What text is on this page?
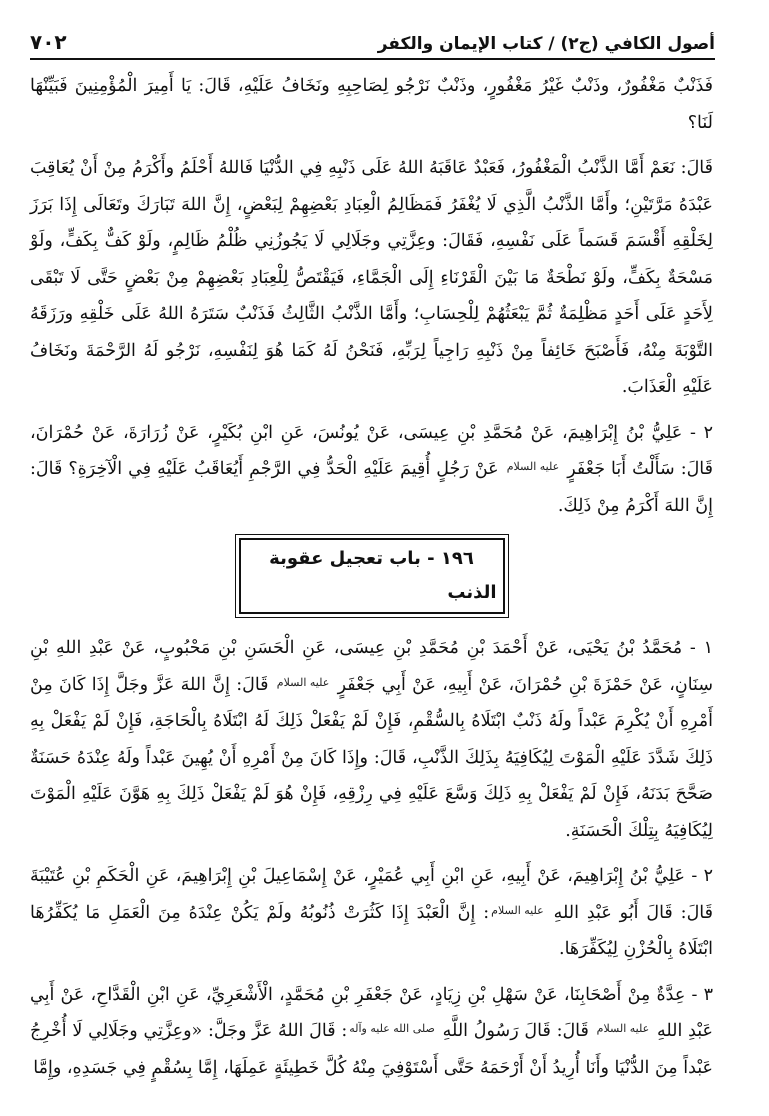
أصول الكافي (ج٢) / كتاب الإيمان والكفر
٧٠٢

فَذَنْبٌ مَغْفُورٌ، وذَنْبٌ غَيْرُ مَغْفُورٍ، وذَنْبٌ نَرْجُو لِصَاحِبِهِ ونَخَافُ عَلَيْهِ، قَالَ: يَا أَمِيرَ الْمُؤْمِنِينَ فَبَيِّنْهَا لَنَا؟

قَالَ: نَعَمْ أَمَّا الذَّنْبُ الْمَغْفُورُ، فَعَبْدٌ عَاقَبَهُ اللهُ عَلَى ذَنْبِهِ فِي الدُّنْيَا فَاللهُ أَحْلَمُ وأَكْرَمُ مِنْ أَنْ يُعَاقِبَ عَبْدَهُ مَرَّتَيْنِ؛ وأَمَّا الذَّنْبُ الَّذِي لَا يُغْفَرُ فَمَظَالِمُ الْعِبَادِ بَعْضِهِمْ لِبَعْضٍ، إِنَّ اللهَ تَبَارَكَ وتَعَالَى إِذَا بَرَزَ لِخَلْقِهِ أَقْسَمَ قَسَماً عَلَى نَفْسِهِ، فَقَالَ: وعِزَّتِي وجَلَالِي لَا يَجُوزُنِي ظُلْمُ ظَالِمٍ، ولَوْ كَفٌّ بِكَفٍّ، ولَوْ مَسْحَةٌ بِكَفٍّ، ولَوْ نَطْحَةٌ مَا بَيْنَ الْقَرْنَاءِ إِلَى الْجَمَّاءِ، فَيَقْتَصُّ لِلْعِبَادِ بَعْضِهِمْ مِنْ بَعْضٍ حَتَّى لَا تَبْقَى لِأَحَدٍ عَلَى أَحَدٍ مَظْلِمَةٌ ثُمَّ يَبْعَثُهُمْ لِلْحِسَابِ؛ وأَمَّا الذَّنْبُ الثَّالِثُ فَذَنْبٌ سَتَرَهُ اللهُ عَلَى خَلْقِهِ ورَزَقَهُ التَّوْبَةَ مِنْهُ، فَأَصْبَحَ خَائِفاً مِنْ ذَنْبِهِ رَاجِياً لِرَبِّهِ، فَنَحْنُ لَهُ كَمَا هُوَ لِنَفْسِهِ، نَرْجُو لَهُ الرَّحْمَةَ ونَخَافُ عَلَيْهِ الْعَذَابَ.

٢ - عَلِيُّ بْنُ إِبْرَاهِيمَ، عَنْ مُحَمَّدِ بْنِ عِيسَى، عَنْ يُونُسَ، عَنِ ابْنِ بُكَيْرٍ، عَنْ زُرَارَةَ، عَنْ حُمْرَانَ، قَالَ: سَأَلْتُ أَبَا جَعْفَرٍ عليه السلام عَنْ رَجُلٍ أُقِيمَ عَلَيْهِ الْحَدُّ فِي الرَّجْمِ أَيُعَاقَبُ عَلَيْهِ فِي الْآخِرَةِ؟ قَالَ: إِنَّ اللهَ أَكْرَمُ مِنْ ذَلِكَ.

١٩٦ - باب تعجيل عقوبة الذنب

١ - مُحَمَّدُ بْنُ يَحْيَى، عَنْ أَحْمَدَ بْنِ مُحَمَّدِ بْنِ عِيسَى، عَنِ الْحَسَنِ بْنِ مَحْبُوبٍ، عَنْ عَبْدِ اللهِ بْنِ سِنَانٍ، عَنْ حَمْزَةَ بْنِ حُمْرَانَ، عَنْ أَبِيهِ، عَنْ أَبِي جَعْفَرٍ عليه السلام قَالَ: إِنَّ اللهَ عَزَّ وجَلَّ إِذَا كَانَ مِنْ أَمْرِهِ أَنْ يُكْرِمَ عَبْداً ولَهُ ذَنْبٌ ابْتَلَاهُ بِالسُّقْمِ، فَإِنْ لَمْ يَفْعَلْ ذَلِكَ لَهُ ابْتَلَاهُ بِالْحَاجَةِ، فَإِنْ لَمْ يَفْعَلْ بِهِ ذَلِكَ شَدَّدَ عَلَيْهِ الْمَوْتَ لِيُكَافِيَهُ بِذَلِكَ الذَّنْبِ، قَالَ: وإِذَا كَانَ مِنْ أَمْرِهِ أَنْ يُهِينَ عَبْداً ولَهُ عِنْدَهُ حَسَنَةٌ صَحَّحَ بَدَنَهُ، فَإِنْ لَمْ يَفْعَلْ بِهِ ذَلِكَ وَسَّعَ عَلَيْهِ فِي رِزْقِهِ، فَإِنْ هُوَ لَمْ يَفْعَلْ ذَلِكَ بِهِ هَوَّنَ عَلَيْهِ الْمَوْتَ لِيُكَافِيَهُ بِتِلْكَ الْحَسَنَةِ.

٢ - عَلِيُّ بْنُ إِبْرَاهِيمَ، عَنْ أَبِيهِ، عَنِ ابْنِ أَبِي عُمَيْرٍ، عَنْ إِسْمَاعِيلَ بْنِ إِبْرَاهِيمَ، عَنِ الْحَكَمِ بْنِ عُتَيْبَةَ قَالَ: قَالَ أَبُو عَبْدِ اللهِ عليه السلام: إِنَّ الْعَبْدَ إِذَا كَثُرَتْ ذُنُوبُهُ ولَمْ يَكُنْ عِنْدَهُ مِنَ الْعَمَلِ مَا يُكَفِّرُهَا ابْتَلَاهُ بِالْحُزْنِ لِيُكَفِّرَهَا.

٣ - عِدَّةٌ مِنْ أَصْحَابِنَا، عَنْ سَهْلِ بْنِ زِيَادٍ، عَنْ جَعْفَرِ بْنِ مُحَمَّدٍ، الْأَشْعَرِيِّ، عَنِ ابْنِ الْقَدَّاحِ، عَنْ أَبِي عَبْدِ اللهِ عليه السلام قَالَ: قَالَ رَسُولُ اللَّهِ صلى الله عليه وآله: قَالَ اللهُ عَزَّ وجَلَّ: «وعِزَّتِي وجَلَالِي لَا أُخْرِجُ عَبْداً مِنَ الدُّنْيَا وأَنَا أُرِيدُ أَنْ أَرْحَمَهُ حَتَّى أَسْتَوْفِيَ مِنْهُ كُلَّ خَطِيئَةٍ عَمِلَهَا، إِمَّا بِسُقْمٍ فِي جَسَدِهِ، وإِمَّا
